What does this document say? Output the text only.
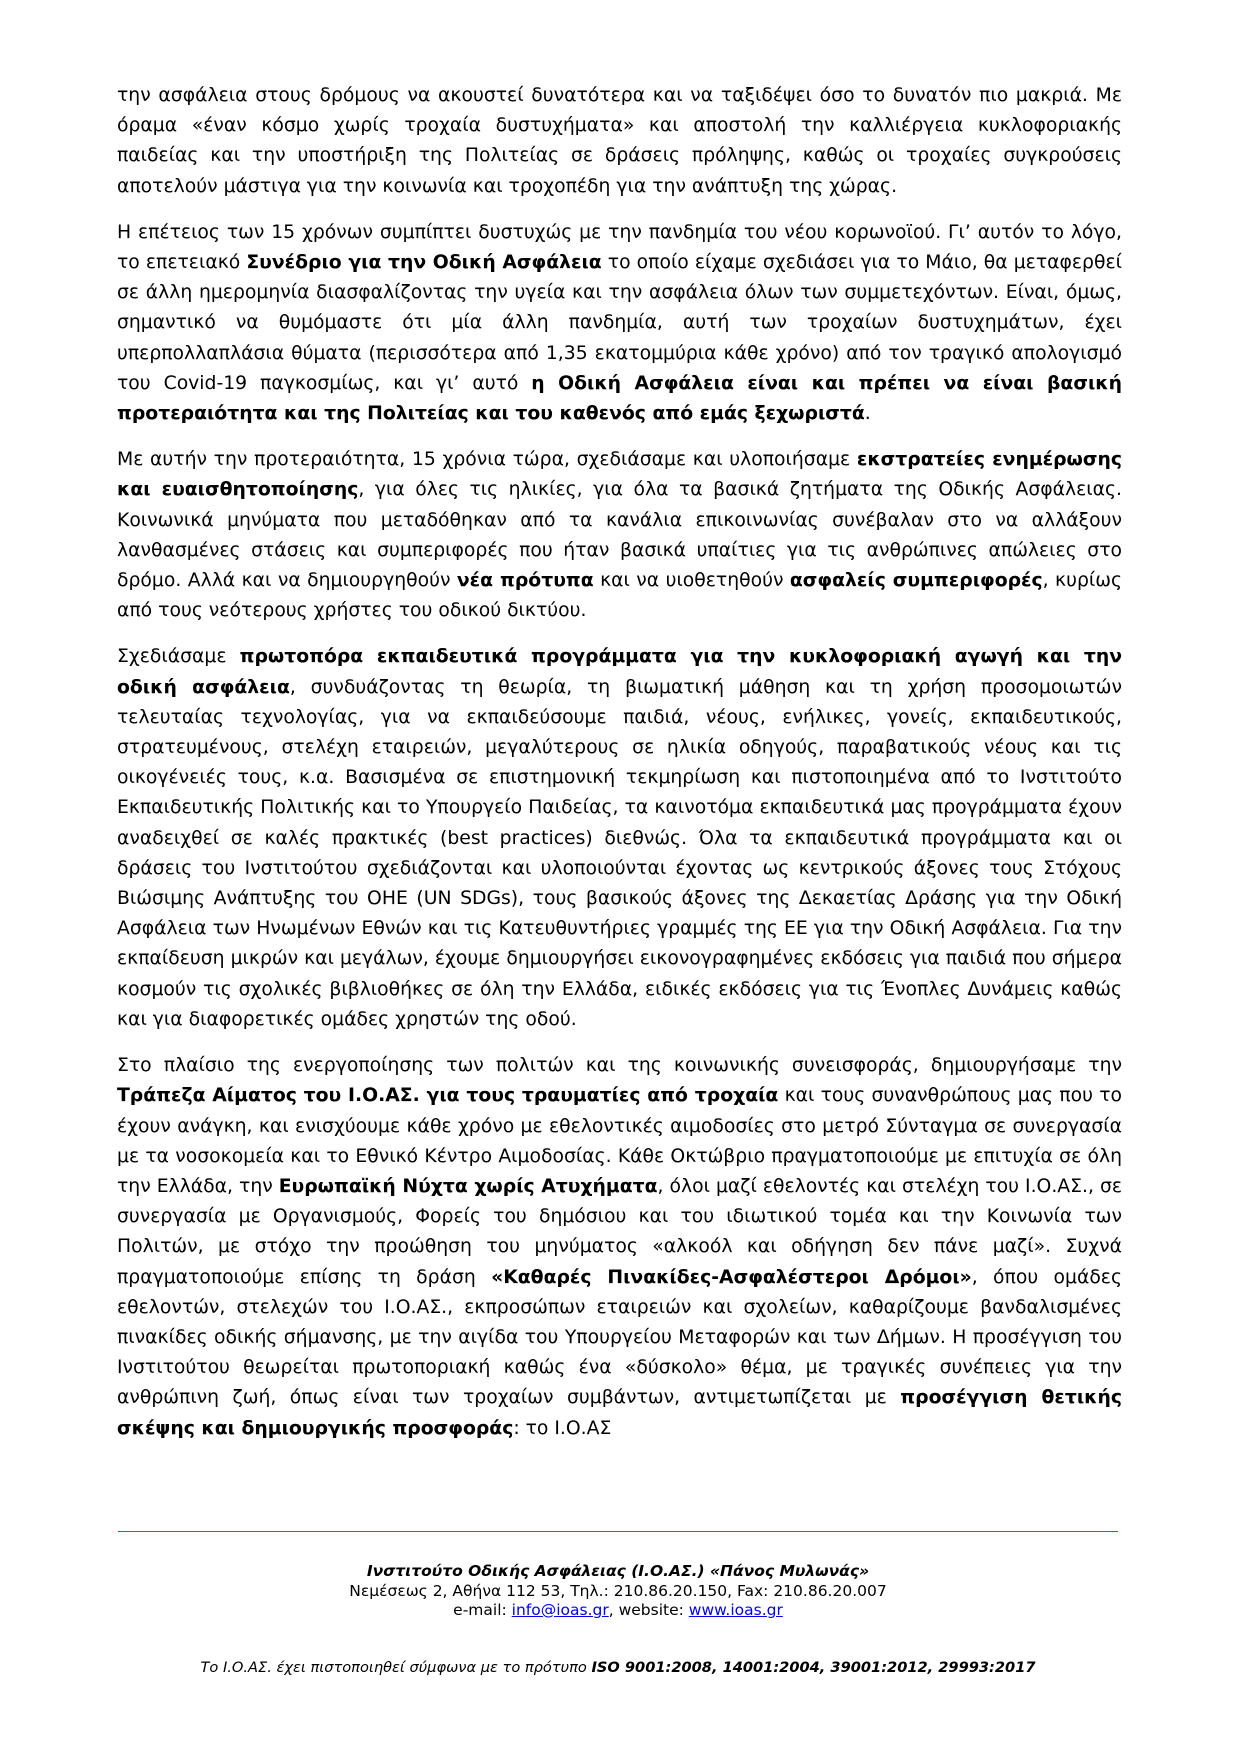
την ασφάλεια στους δρόμους να ακουστεί δυνατότερα και να ταξιδέψει όσο το δυνατόν πιο μακριά. Με όραμα «έναν κόσμο χωρίς τροχαία δυστυχήματα» και αποστολή την καλλιέργεια κυκλοφοριακής παιδείας και την υποστήριξη της Πολιτείας σε δράσεις πρόληψης, καθώς οι τροχαίες συγκρούσεις αποτελούν μάστιγα για την κοινωνία και τροχοπέδη για την ανάπτυξη της χώρας.

Η επέτειος των 15 χρόνων συμπίπτει δυστυχώς με την πανδημία του νέου κορωνοϊού. Γι’ αυτόν το λόγο, το επετειακό Συνέδριο για την Οδική Ασφάλεια το οποίο είχαμε σχεδιάσει για το Μάιο, θα μεταφερθεί σε άλλη ημερομηνία διασφαλίζοντας την υγεία και την ασφάλεια όλων των συμμετεχόντων. Είναι, όμως, σημαντικό να θυμόμαστε ότι μία άλλη πανδημία, αυτή των τροχαίων δυστυχημάτων, έχει υπερπολλαπλάσια θύματα (περισσότερα από 1,35 εκατομμύρια κάθε χρόνο) από τον τραγικό απολογισμό του Covid-19 παγκοσμίως, και γι’ αυτό η Οδική Ασφάλεια είναι και πρέπει να είναι βασική προτεραιότητα και της Πολιτείας και του καθενός από εμάς ξεχωριστά.

Με αυτήν την προτεραιότητα, 15 χρόνια τώρα, σχεδιάσαμε και υλοποιήσαμε εκστρατείες ενημέρωσης και ευαισθητοποίησης, για όλες τις ηλικίες, για όλα τα βασικά ζητήματα της Οδικής Ασφάλειας. Κοινωνικά μηνύματα που μεταδόθηκαν από τα κανάλια επικοινωνίας συνέβαλαν στο να αλλάξουν λανθασμένες στάσεις και συμπεριφορές που ήταν βασικά υπαίτιες για τις ανθρώπινες απώλειες στο δρόμο. Αλλά και να δημιουργηθούν νέα πρότυπα και να υιοθετηθούν ασφαλείς συμπεριφορές, κυρίως από τους νεότερους χρήστες του οδικού δικτύου.

Σχεδιάσαμε πρωτοπόρα εκπαιδευτικά προγράμματα για την κυκλοφοριακή αγωγή και την οδική ασφάλεια, συνδυάζοντας τη θεωρία, τη βιωματική μάθηση και τη χρήση προσομοιωτών τελευταίας τεχνολογίας, για να εκπαιδεύσουμε παιδιά, νέους, ενήλικες, γονείς, εκπαιδευτικούς, στρατευμένους, στελέχη εταιρειών, μεγαλύτερους σε ηλικία οδηγούς, παραβατικούς νέους και τις οικογένειές τους, κ.α. Βασισμένα σε επιστημονική τεκμηρίωση και πιστοποιημένα από το Ινστιτούτο Εκπαιδευτικής Πολιτικής και το Υπουργείο Παιδείας, τα καινοτόμα εκπαιδευτικά μας προγράμματα έχουν αναδειχθεί σε καλές πρακτικές (best practices) διεθνώς. Όλα τα εκπαιδευτικά προγράμματα και οι δράσεις του Ινστιτούτου σχεδιάζονται και υλοποιούνται έχοντας ως κεντρικούς άξονες τους Στόχους Βιώσιμης Ανάπτυξης του ΟΗΕ (UN SDGs), τους βασικούς άξονες της Δεκαετίας Δράσης για την Οδική Ασφάλεια των Ηνωμένων Εθνών και τις Κατευθυντήριες γραμμές της ΕΕ για την Οδική Ασφάλεια. Για την εκπαίδευση μικρών και μεγάλων, έχουμε δημιουργήσει εικονογραφημένες εκδόσεις για παιδιά που σήμερα κοσμούν τις σχολικές βιβλιοθήκες σε όλη την Ελλάδα, ειδικές εκδόσεις για τις Ένοπλες Δυνάμεις καθώς και για διαφορετικές ομάδες χρηστών της οδού.

Στο πλαίσιο της ενεργοποίησης των πολιτών και της κοινωνικής συνεισφοράς, δημιουργήσαμε την Τράπεζα Αίματος του Ι.Ο.ΑΣ. για τους τραυματίες από τροχαία και τους συνανθρώπους μας που το έχουν ανάγκη, και ενισχύουμε κάθε χρόνο με εθελοντικές αιμοδοσίες στο μετρό Σύνταγμα σε συνεργασία με τα νοσοκομεία και το Εθνικό Κέντρο Αιμοδοσίας. Κάθε Οκτώβριο πραγματοποιούμε με επιτυχία σε όλη την Ελλάδα, την Ευρωπαϊκή Νύχτα χωρίς Ατυχήματα, όλοι μαζί εθελοντές και στελέχη του Ι.Ο.ΑΣ., σε συνεργασία με Οργανισμούς, Φορείς του δημόσιου και του ιδιωτικού τομέα και την Κοινωνία των Πολιτών, με στόχο την προώθηση του μηνύματος «αλκοόλ και οδήγηση δεν πάνε μαζί». Συχνά πραγματοποιούμε επίσης τη δράση «Καθαρές Πινακίδες-Ασφαλέστεροι Δρόμοι», όπου ομάδες εθελοντών, στελεχών του Ι.Ο.ΑΣ., εκπροσώπων εταιρειών και σχολείων, καθαρίζουμε βανδαλισμένες πινακίδες οδικής σήμανσης, με την αιγίδα του Υπουργείου Μεταφορών και των Δήμων. Η προσέγγιση του Ινστιτούτου θεωρείται πρωτοποριακή καθώς ένα «δύσκολο» θέμα, με τραγικές συνέπειες για την ανθρώπινη ζωή, όπως είναι των τροχαίων συμβάντων, αντιμετωπίζεται με προσέγγιση θετικής σκέψης και δημιουργικής προσφοράς: το Ι.Ο.ΑΣ

Ινστιτούτο Οδικής Ασφάλειας (Ι.Ο.ΑΣ.) «Πάνος Μυλωνάς»
Νεμέσεως 2, Αθήνα 112 53, Τηλ.: 210.86.20.150, Fax: 210.86.20.007
e-mail: info@ioas.gr, website: www.ioas.gr
Το Ι.Ο.ΑΣ. έχει πιστοποιηθεί σύμφωνα με το πρότυπο ISO 9001:2008, 14001:2004, 39001:2012, 29993:2017
